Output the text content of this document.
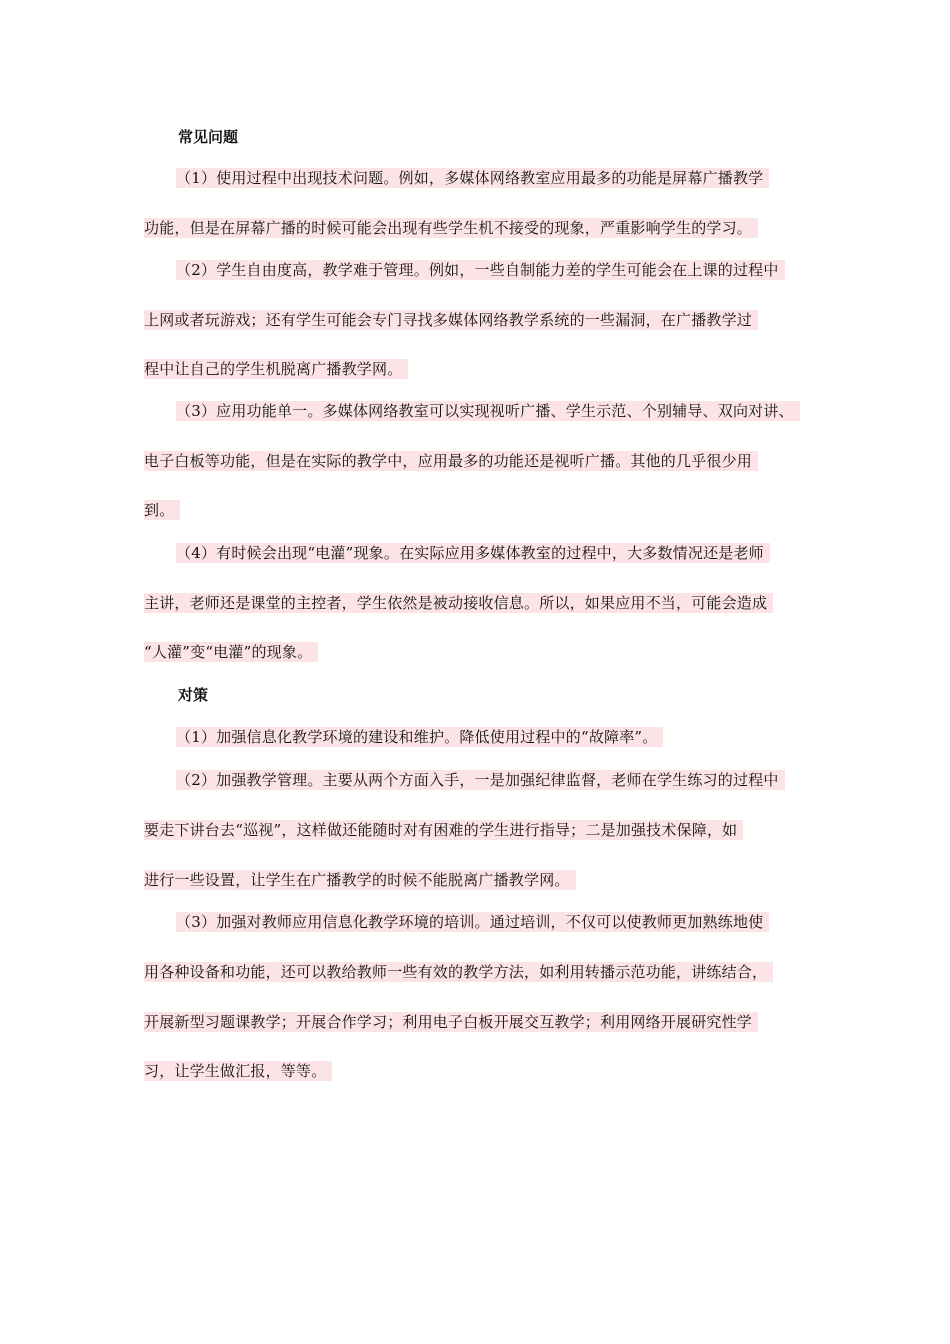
常见问题
（1）使用过程中出现技术问题。例如，多媒体网络教室应用最多的功能是屏幕广播教学
功能，但是在屏幕广播的时候可能会出现有些学生机不接受的现象，严重影响学生的学习。
（2）学生自由度高，教学难于管理。例如，一些自制能力差的学生可能会在上课的过程中
上网或者玩游戏；还有学生可能会专门寻找多媒体网络教学系统的一些漏洞，在广播教学过
程中让自己的学生机脱离广播教学网。
（3）应用功能单一。多媒体网络教室可以实现视听广播、学生示范、个别辅导、双向对讲、
电子白板等功能，但是在实际的教学中，应用最多的功能还是视听广播。其他的几乎很少用
到。
（4）有时候会出现“电灌”现象。在实际应用多媒体教室的过程中，大多数情况还是老师
主讲，老师还是课堂的主控者，学生依然是被动接收信息。所以，如果应用不当，可能会造成
“人灌”变“电灌”的现象。
对策
（1）加强信息化教学环境的建设和维护。降低使用过程中的“故障率”。
（2）加强教学管理。主要从两个方面入手，一是加强纪律监督，老师在学生练习的过程中
要走下讲台去“巡视”，这样做还能随时对有困难的学生进行指导；二是加强技术保障，如
进行一些设置，让学生在广播教学的时候不能脱离广播教学网。
（3）加强对教师应用信息化教学环境的培训。通过培训，不仅可以使教师更加熟练地使
用各种设备和功能，还可以教给教师一些有效的教学方法，如利用转播示范功能，讲练结合，
开展新型习题课教学；开展合作学习；利用电子白板开展交互教学；利用网络开展研究性学
习，让学生做汇报，等等。
